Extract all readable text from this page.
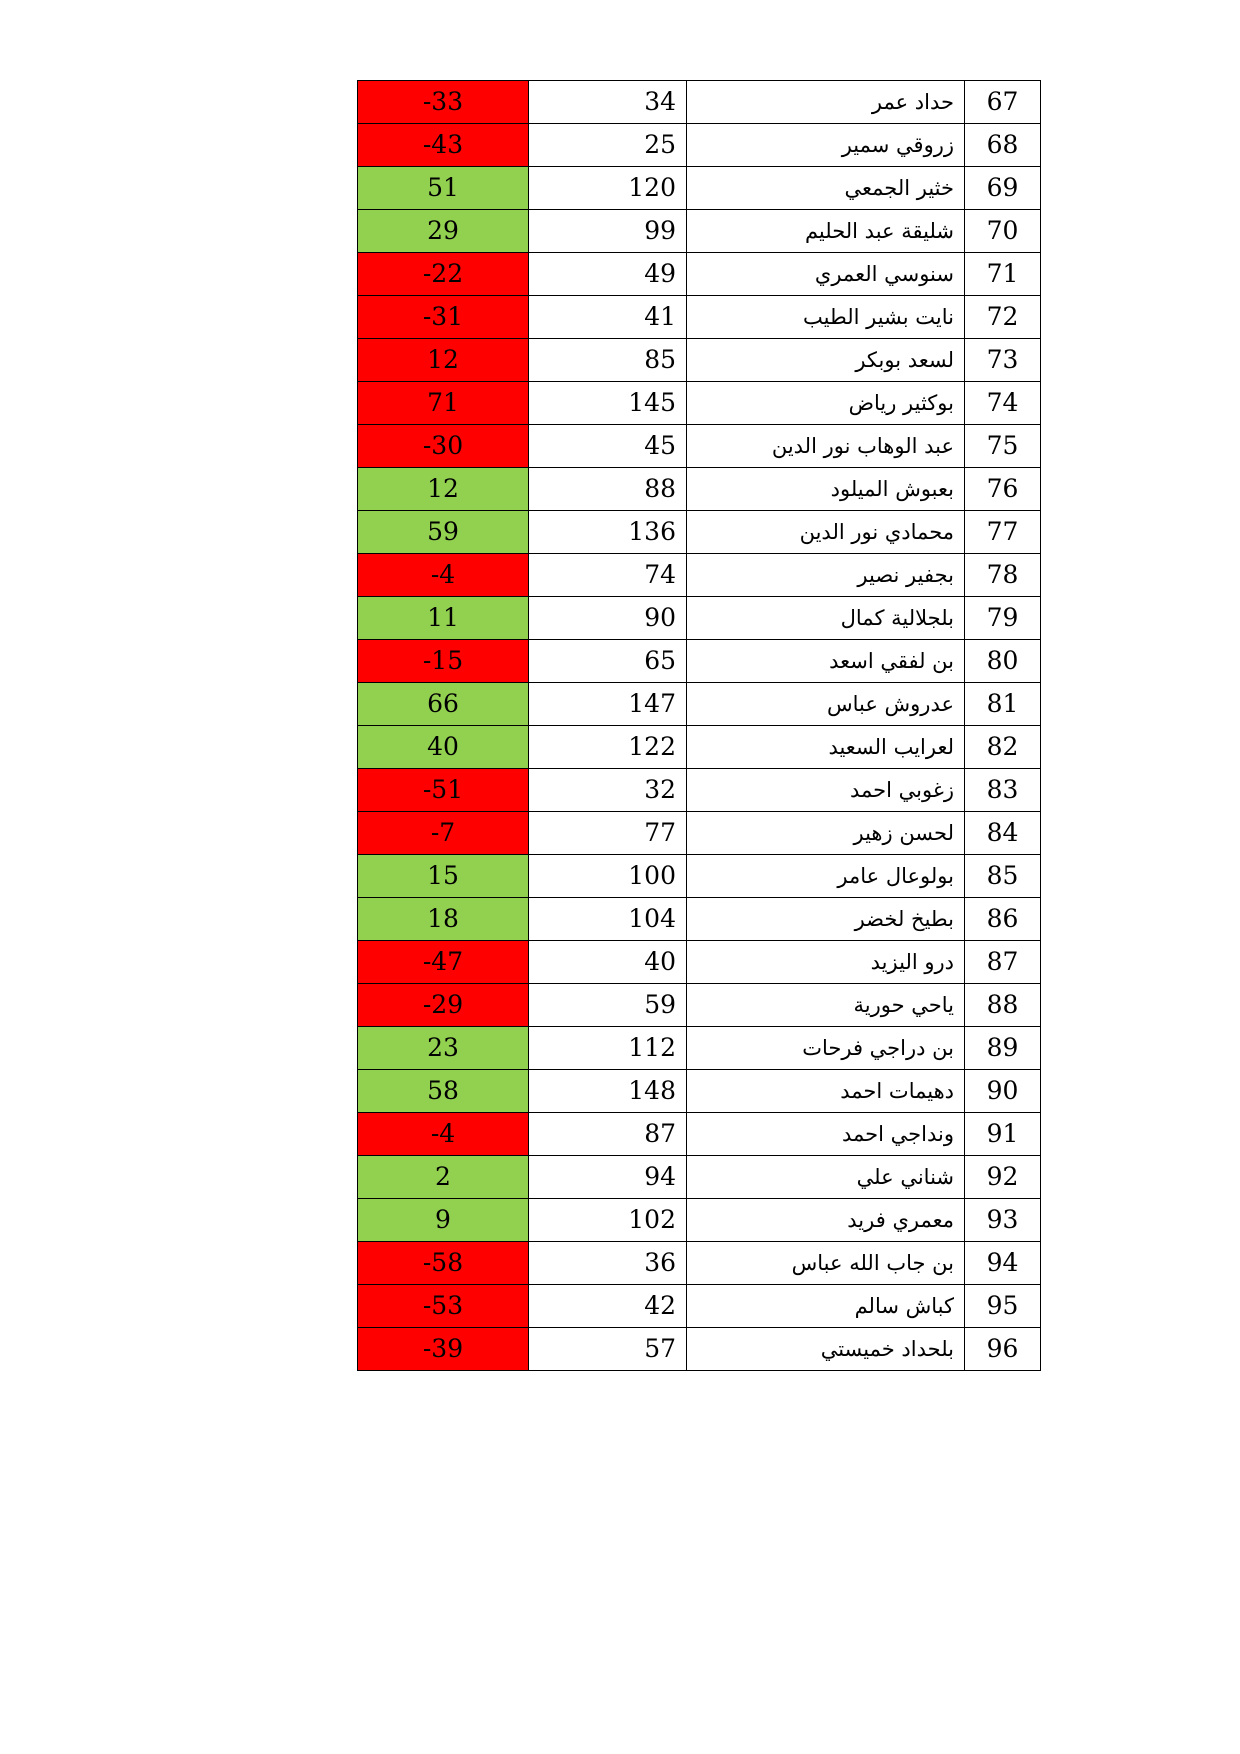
-33	34	حداد عمر	67
-43	25	زروقي سمير	68
51	120	خثير الجمعي	69
29	99	شليقة عبد الحليم	70
-22	49	سنوسي العمري	71
-31	41	نايت بشير الطيب	72
12	85	لسعد بوبكر	73
71	145	بوكثير رياض	74
-30	45	عبد الوهاب نور الدين	75
12	88	بعبوش الميلود	76
59	136	محمادي نور الدين	77
-4	74	بجفير نصير	78
11	90	بلجلالية كمال	79
-15	65	بن لفقي اسعد	80
66	147	عدروش عباس	81
40	122	لعرايب السعيد	82
-51	32	زغوبي احمد	83
-7	77	لحسن زهير	84
15	100	بولوعال عامر	85
18	104	بطيخ لخضر	86
-47	40	درو اليزيد	87
-29	59	ياحي حورية	88
23	112	بن دراجي فرحات	89
58	148	دهيمات احمد	90
-4	87	ونداجي احمد	91
2	94	شناني علي	92
9	102	معمري فريد	93
-58	36	بن جاب الله عباس	94
-53	42	كباش سالم	95
-39	57	بلحداد خميستي	96
